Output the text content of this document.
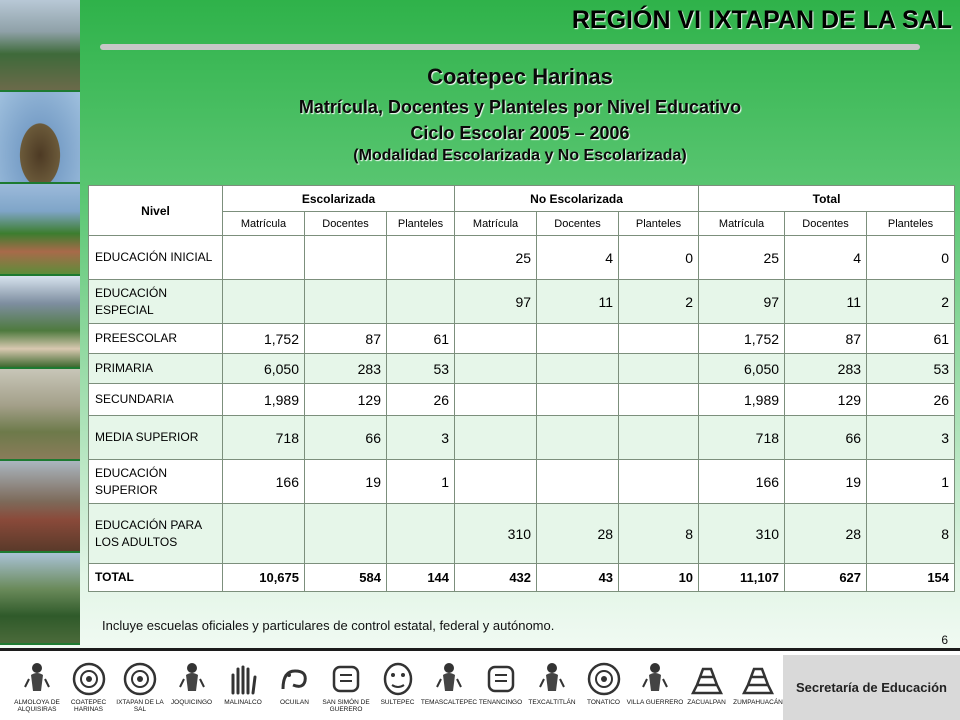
REGIÓN VI IXTAPAN DE LA SAL
Coatepec Harinas
Matrícula, Docentes y Planteles por Nivel Educativo
Ciclo Escolar 2005 – 2006
(Modalidad Escolarizada y No Escolarizada)
Nivel	Escolarizada			No Escolarizada			Total		
	Matrícula	Docentes	Planteles	Matrícula	Docentes	Planteles	Matrícula	Docentes	Planteles
EDUCACIÓN INICIAL				25	4	0	25	4	0
EDUCACIÓN ESPECIAL				97	11	2	97	11	2
PREESCOLAR	1,752	87	61				1,752	87	61
PRIMARIA	6,050	283	53				6,050	283	53
SECUNDARIA	1,989	129	26				1,989	129	26
MEDIA SUPERIOR	718	66	3				718	66	3
EDUCACIÓN SUPERIOR	166	19	1				166	19	1
EDUCACIÓN PARA LOS ADULTOS				310	28	8	310	28	8
TOTAL	10,675	584	144	432	43	10	11,107	627	154
Incluye escuelas oficiales y particulares de control estatal, federal y autónomo.
6
ALMOLOYA DE ALQUISIRAS
COATEPEC HARINAS
IXTAPAN DE LA SAL
JOQUICINGO	MALINALCO	OCUILAN	SAN SIMÓN DE GUERERO
SULTEPEC TEMASCALTEPEC TENANCINGO TEXCALTITLÁN	TONATICO	VILLA GUERRERO ZACUALPAN	ZUMPAHUACÁN
Secretaría de Educación
